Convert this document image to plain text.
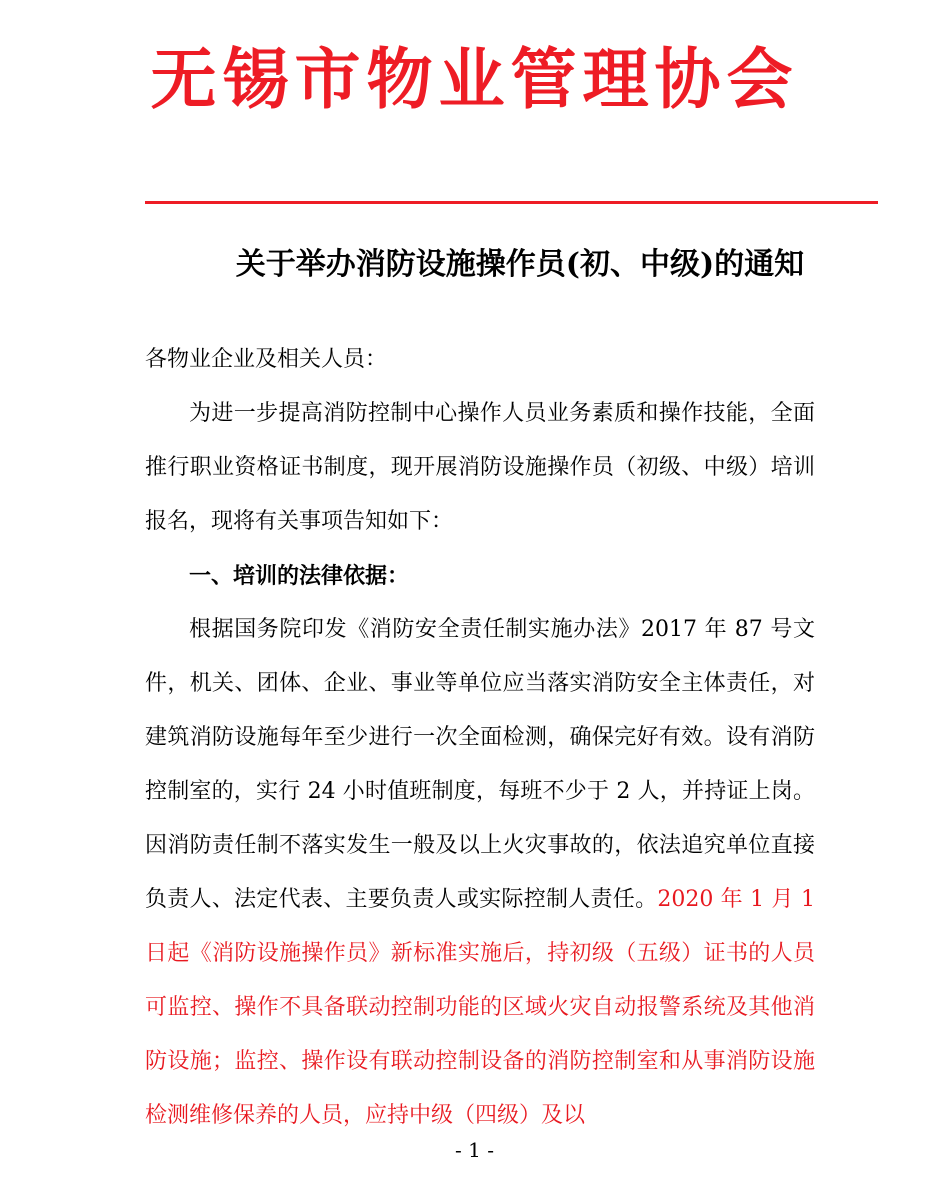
无锡市物业管理协会
关于举办消防设施操作员(初、中级)的通知

各物业企业及相关人员：

为进一步提高消防控制中心操作人员业务素质和操作技能，全面推行职业资格证书制度，现开展消防设施操作员（初级、中级）培训报名，现将有关事项告知如下：

一、培训的法律依据：

根据国务院印发《消防安全责任制实施办法》2017 年 87 号文件，机关、团体、企业、事业等单位应当落实消防安全主体责任，对建筑消防设施每年至少进行一次全面检测，确保完好有效。设有消防控制室的，实行 24 小时值班制度，每班不少于 2 人，并持证上岗。因消防责任制不落实发生一般及以上火灾事故的，依法追究单位直接负责人、法定代表、主要负责人或实际控制人责任。2020 年 1 月 1 日起《消防设施操作员》新标准实施后，持初级（五级）证书的人员可监控、操作不具备联动控制功能的区域火灾自动报警系统及其他消防设施；监控、操作设有联动控制设备的消防控制室和从事消防设施检测维修保养的人员，应持中级（四级）及以

- 1 -
